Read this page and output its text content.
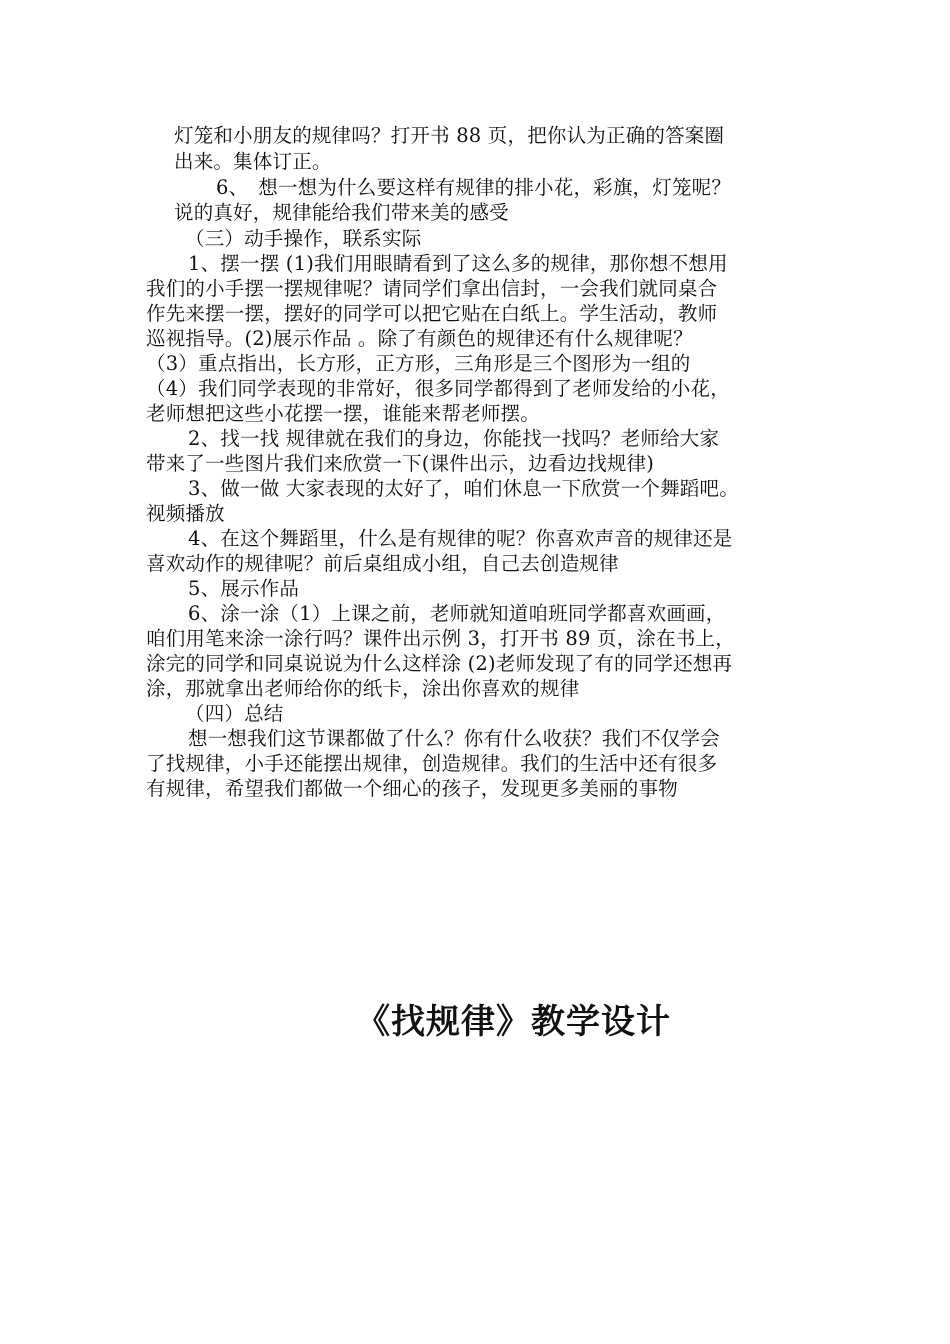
灯笼和小朋友的规律吗？打开书 88 页，把你认为正确的答案圈
出来。集体订正。
6、　想一想为什么要这样有规律的排小花，彩旗，灯笼呢？
说的真好，规律能给我们带来美的感受
（三）动手操作，联系实际
1、摆一摆 (1)我们用眼睛看到了这么多的规律，那你想不想用
我们的小手摆一摆规律呢？请同学们拿出信封，一会我们就同桌合
作先来摆一摆，摆好的同学可以把它贴在白纸上。学生活动，教师
巡视指导。(2)展示作品 。除了有颜色的规律还有什么规律呢？
（3）重点指出，长方形，正方形，三角形是三个图形为一组的
（4）我们同学表现的非常好，很多同学都得到了老师发给的小花，
老师想把这些小花摆一摆，谁能来帮老师摆。
2、找一找 规律就在我们的身边，你能找一找吗？老师给大家
带来了一些图片我们来欣赏一下(课件出示，边看边找规律)
3、做一做 大家表现的太好了，咱们休息一下欣赏一个舞蹈吧。
视频播放
4、在这个舞蹈里，什么是有规律的呢？你喜欢声音的规律还是
喜欢动作的规律呢？前后桌组成小组，自己去创造规律
5、展示作品
6、涂一涂（1）上课之前，老师就知道咱班同学都喜欢画画，
咱们用笔来涂一涂行吗？课件出示例 3，打开书 89 页，涂在书上，
涂完的同学和同桌说说为什么这样涂 (2)老师发现了有的同学还想再
涂，那就拿出老师给你的纸卡，涂出你喜欢的规律
（四）总结
想一想我们这节课都做了什么？你有什么收获？我们不仅学会
了找规律，小手还能摆出规律，创造规律。我们的生活中还有很多
有规律，希望我们都做一个细心的孩子，发现更多美丽的事物
《找规律》教学设计
